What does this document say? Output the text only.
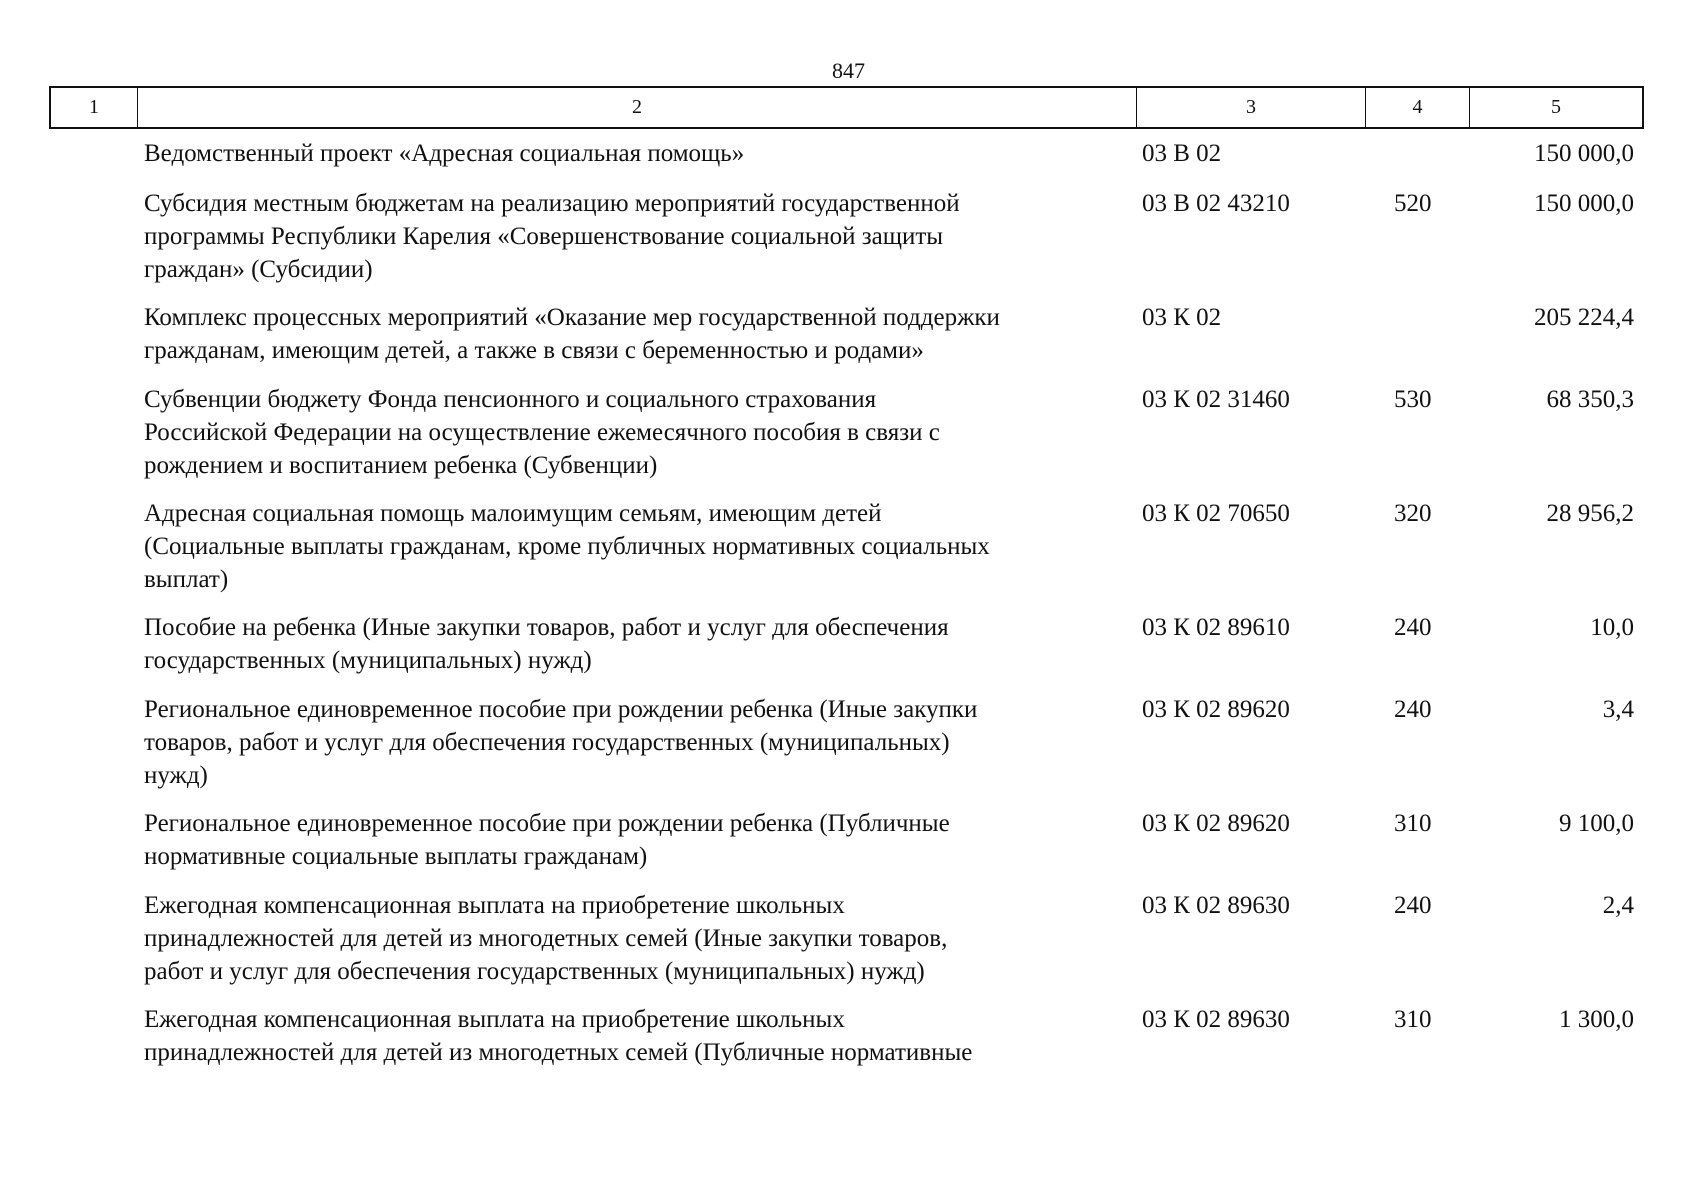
847
1	2	3	4	5
Ведомственный проект «Адресная социальная помощь»	03 В 02	150 000,0
Субсидия местным бюджетам на реализацию мероприятий государственной
программы Республики Карелия «Совершенствование социальной защиты
граждан» (Субсидии)
03 В 02 43210	520	150 000,0
Комплекс процессных мероприятий «Оказание мер государственной поддержки
гражданам, имеющим детей, а также в связи с беременностью и родами»
03 К 02	205 224,4
Субвенции бюджету Фонда пенсионного и социального страхования
Российской Федерации на осуществление ежемесячного пособия в связи с
рождением и воспитанием ребенка (Субвенции)
03 К 02 31460	530	68 350,3
Адресная социальная помощь малоимущим семьям, имеющим детей
(Социальные выплаты гражданам, кроме публичных нормативных социальных
выплат)
03 К 02 70650	320	28 956,2
Пособие на ребенка (Иные закупки товаров, работ и услуг для обеспечения
государственных (муниципальных) нужд)
03 К 02 89610	240	10,0
Региональное единовременное пособие при рождении ребенка (Иные закупки
товаров, работ и услуг для обеспечения государственных (муниципальных)
нужд)
03 К 02 89620	240	3,4
Региональное единовременное пособие при рождении ребенка (Публичные
нормативные социальные выплаты гражданам)
03 К 02 89620	310	9 100,0
Ежегодная компенсационная выплата на приобретение школьных
принадлежностей для детей из многодетных семей (Иные закупки товаров,
работ и услуг для обеспечения государственных (муниципальных) нужд)
03 К 02 89630	240	2,4
Ежегодная компенсационная выплата на приобретение школьных
принадлежностей для детей из многодетных семей (Публичные нормативные
03 К 02 89630	310	1 300,0
